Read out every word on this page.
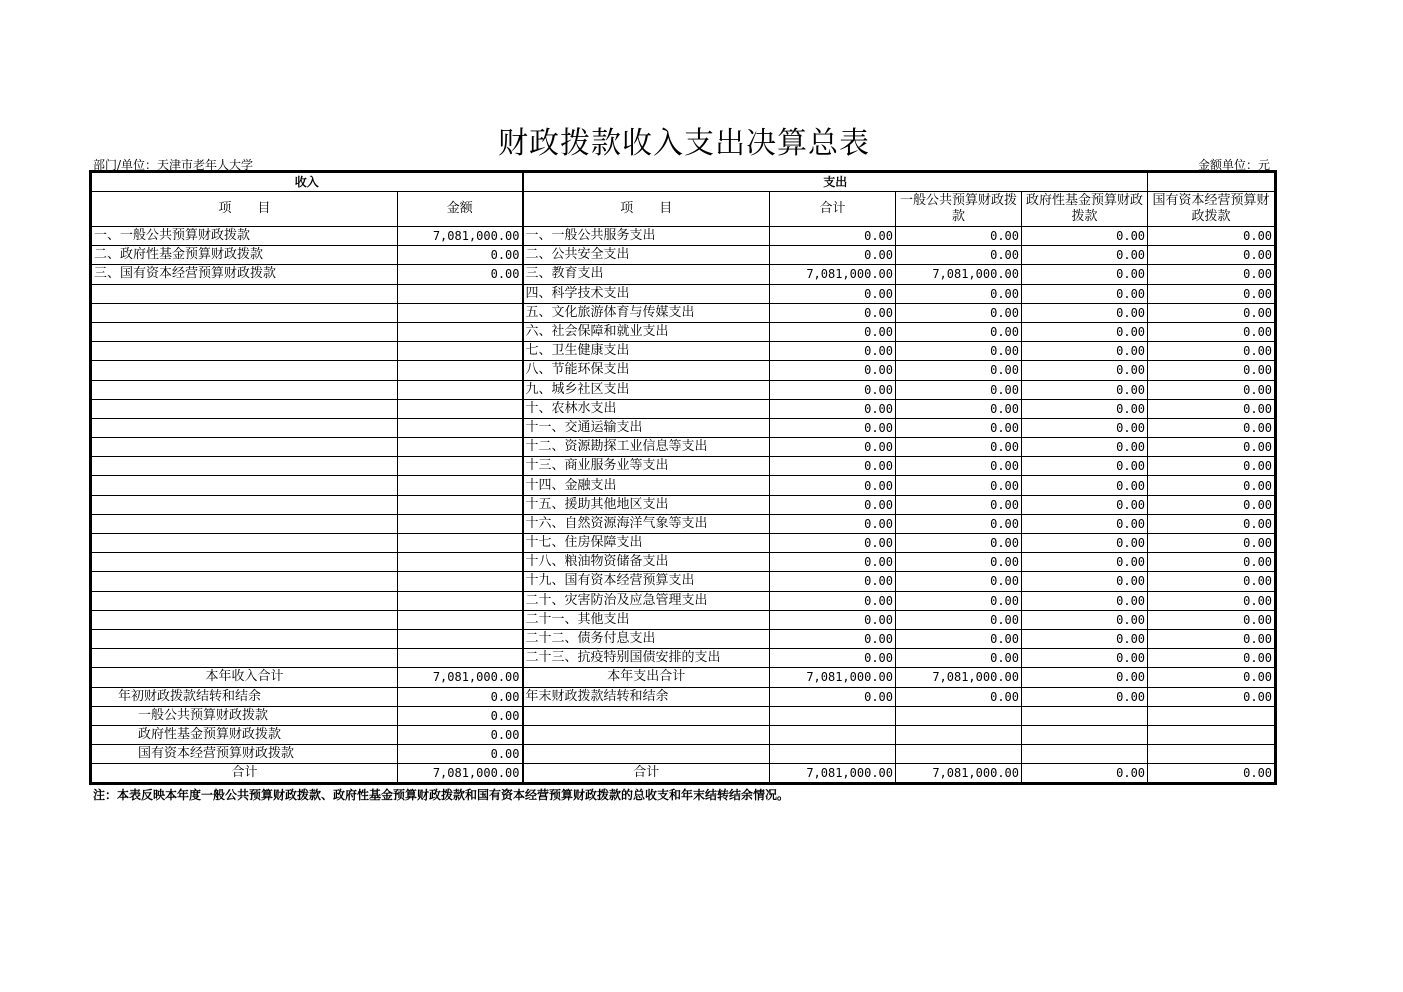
财政拨款收入支出决算总表
部门/单位：天津市老年人大学	金额单位：元
收入		支出				
项　　目	金额	项　　目	合计	一般公共预算财政拨款	政府性基金预算财政拨款	国有资本经营预算财政拨款
一、一般公共预算财政拨款	7,081,000.00	一、一般公共服务支出	0.00	0.00	0.00	0.00
二、政府性基金预算财政拨款	0.00	二、公共安全支出	0.00	0.00	0.00	0.00
三、国有资本经营预算财政拨款	0.00	三、教育支出	7,081,000.00	7,081,000.00	0.00	0.00
		四、科学技术支出	0.00	0.00	0.00	0.00
		五、文化旅游体育与传媒支出	0.00	0.00	0.00	0.00
		六、社会保障和就业支出	0.00	0.00	0.00	0.00
		七、卫生健康支出	0.00	0.00	0.00	0.00
		八、节能环保支出	0.00	0.00	0.00	0.00
		九、城乡社区支出	0.00	0.00	0.00	0.00
		十、农林水支出	0.00	0.00	0.00	0.00
		十一、交通运输支出	0.00	0.00	0.00	0.00
		十二、资源勘探工业信息等支出	0.00	0.00	0.00	0.00
		十三、商业服务业等支出	0.00	0.00	0.00	0.00
		十四、金融支出	0.00	0.00	0.00	0.00
		十五、援助其他地区支出	0.00	0.00	0.00	0.00
		十六、自然资源海洋气象等支出	0.00	0.00	0.00	0.00
		十七、住房保障支出	0.00	0.00	0.00	0.00
		十八、粮油物资储备支出	0.00	0.00	0.00	0.00
		十九、国有资本经营预算支出	0.00	0.00	0.00	0.00
		二十、灾害防治及应急管理支出	0.00	0.00	0.00	0.00
		二十一、其他支出	0.00	0.00	0.00	0.00
		二十二、债务付息支出	0.00	0.00	0.00	0.00
		二十三、抗疫特别国债安排的支出	0.00	0.00	0.00	0.00
本年收入合计	7,081,000.00	本年支出合计	7,081,000.00	7,081,000.00	0.00	0.00
年初财政拨款结转和结余	0.00	年末财政拨款结转和结余	0.00	0.00	0.00	0.00
一般公共预算财政拨款	0.00					
政府性基金预算财政拨款	0.00					
国有资本经营预算财政拨款	0.00					
合计	7,081,000.00	合计	7,081,000.00	7,081,000.00	0.00	0.00
注：本表反映本年度一般公共预算财政拨款、政府性基金预算财政拨款和国有资本经营预算财政拨款的总收支和年末结转结余情况。
